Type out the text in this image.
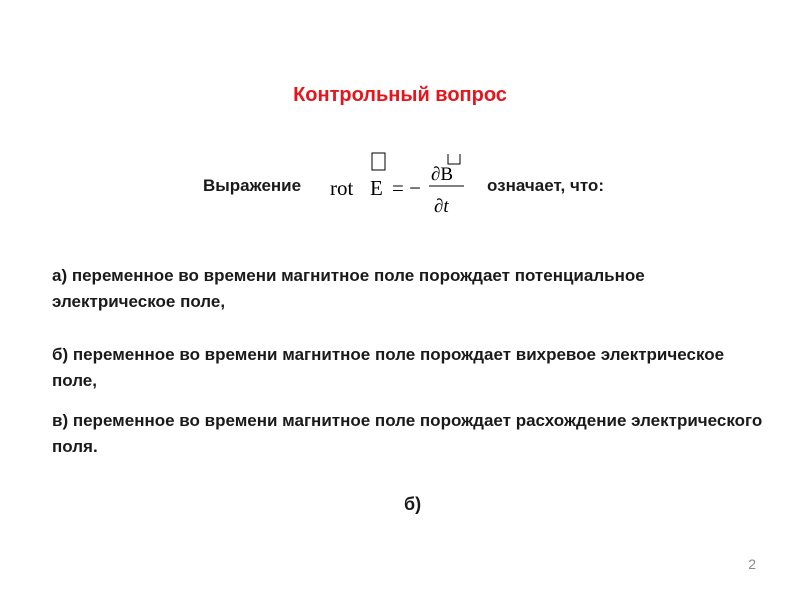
Контрольный вопрос
Выражение rot E = −
∂B
∂t
означает, что:
а) переменное во времени магнитное поле порождает потенциальное электрическое поле,
б) переменное во времени магнитное поле порождает вихревое электрическое поле,
в) переменное во времени магнитное поле порождает расхождение электрического поля.
б)
2
